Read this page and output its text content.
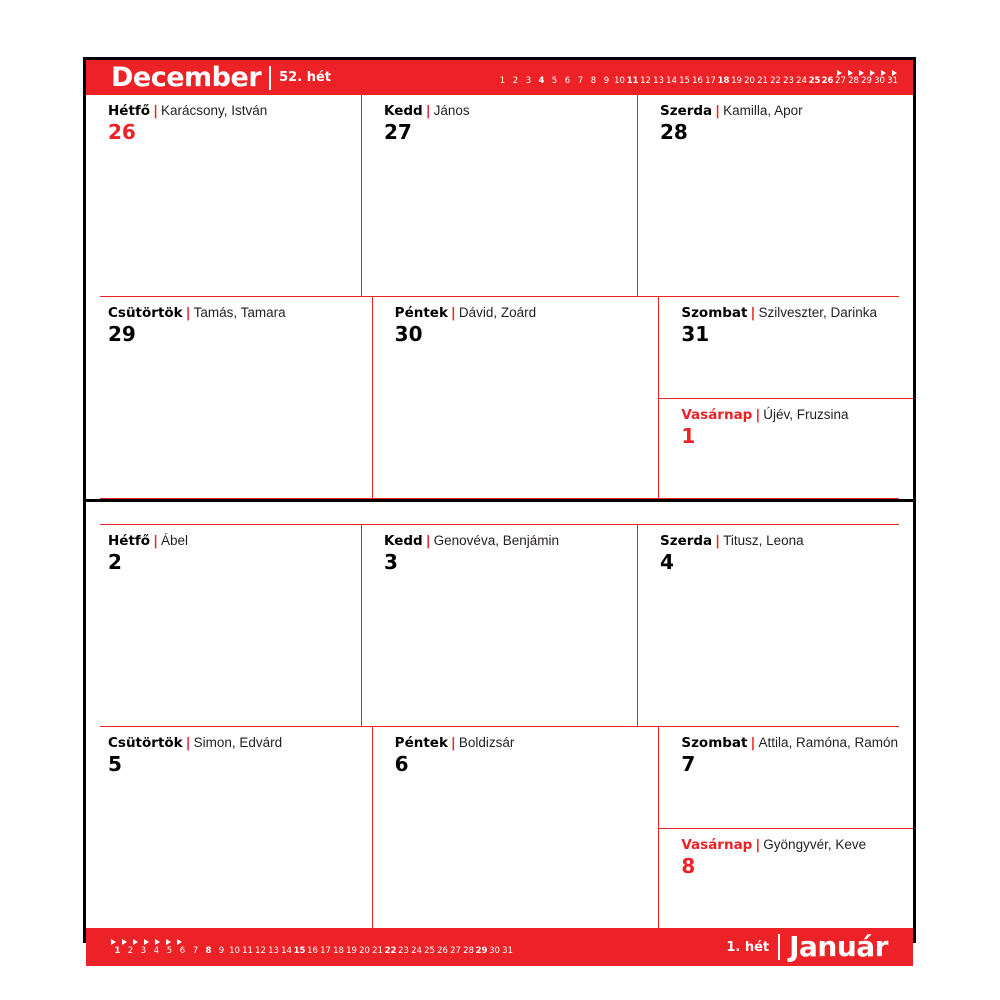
December 52. hét	1 2 3 4 5 6 7 8 9 10 11 12 13 14 15 16 17 18 19 20 21 22 23 24 25 26 27 28 29 30 31
Hétfő | Karácsony, István
26
Kedd | János
27
Szerda | Kamilla, Apor
28
Csütörtök | Tamás, Tamara
29
Péntek | Dávid, Zoárd
30
Szombat | Szilveszter, Darinka
31
Vasárnap | Újév, Fruzsina
1
Hétfő | Ábel
2
Kedd | Genovéva, Benjámin
3
Szerda | Titusz, Leona
4
Csütörtök | Simon, Edvárd
5
Péntek | Boldizsár
6
Szombat | Attila, Ramóna, Ramón
7
Vasárnap | Gyöngyvér, Keve
8
1 2 3 4 5 6 7 8 9 10 11 12 13 14 15 16 17 18 19 20 21 22 23 24 25 26 27 28 29 30 31	1. hét Január
